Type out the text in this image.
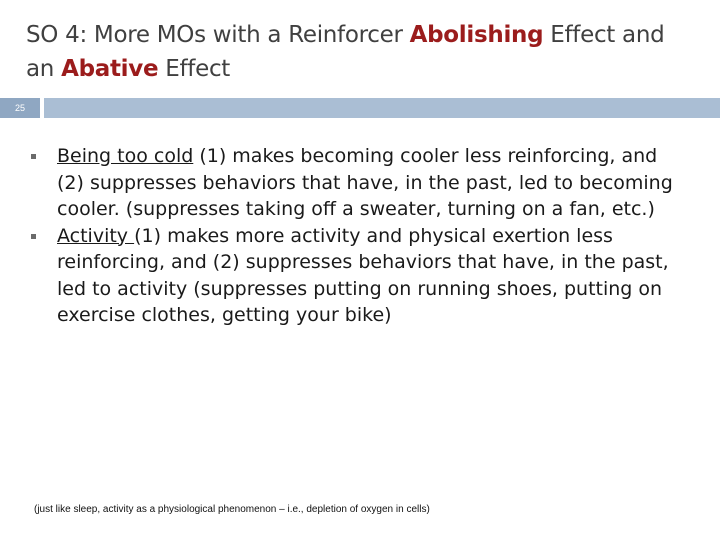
SO 4: More MOs with a Reinforcer Abolishing Effect and an Abative Effect
25
Being too cold (1) makes becoming cooler less reinforcing, and (2) suppresses behaviors that have, in the past, led to becoming cooler. (suppresses taking off a sweater, turning on a fan, etc.)
Activity (1) makes more activity and physical exertion less reinforcing, and (2) suppresses behaviors that have, in the past, led to activity (suppresses putting on running shoes, putting on exercise clothes, getting your bike)
(just like sleep, activity as a physiological phenomenon – i.e., depletion of oxygen in cells)
